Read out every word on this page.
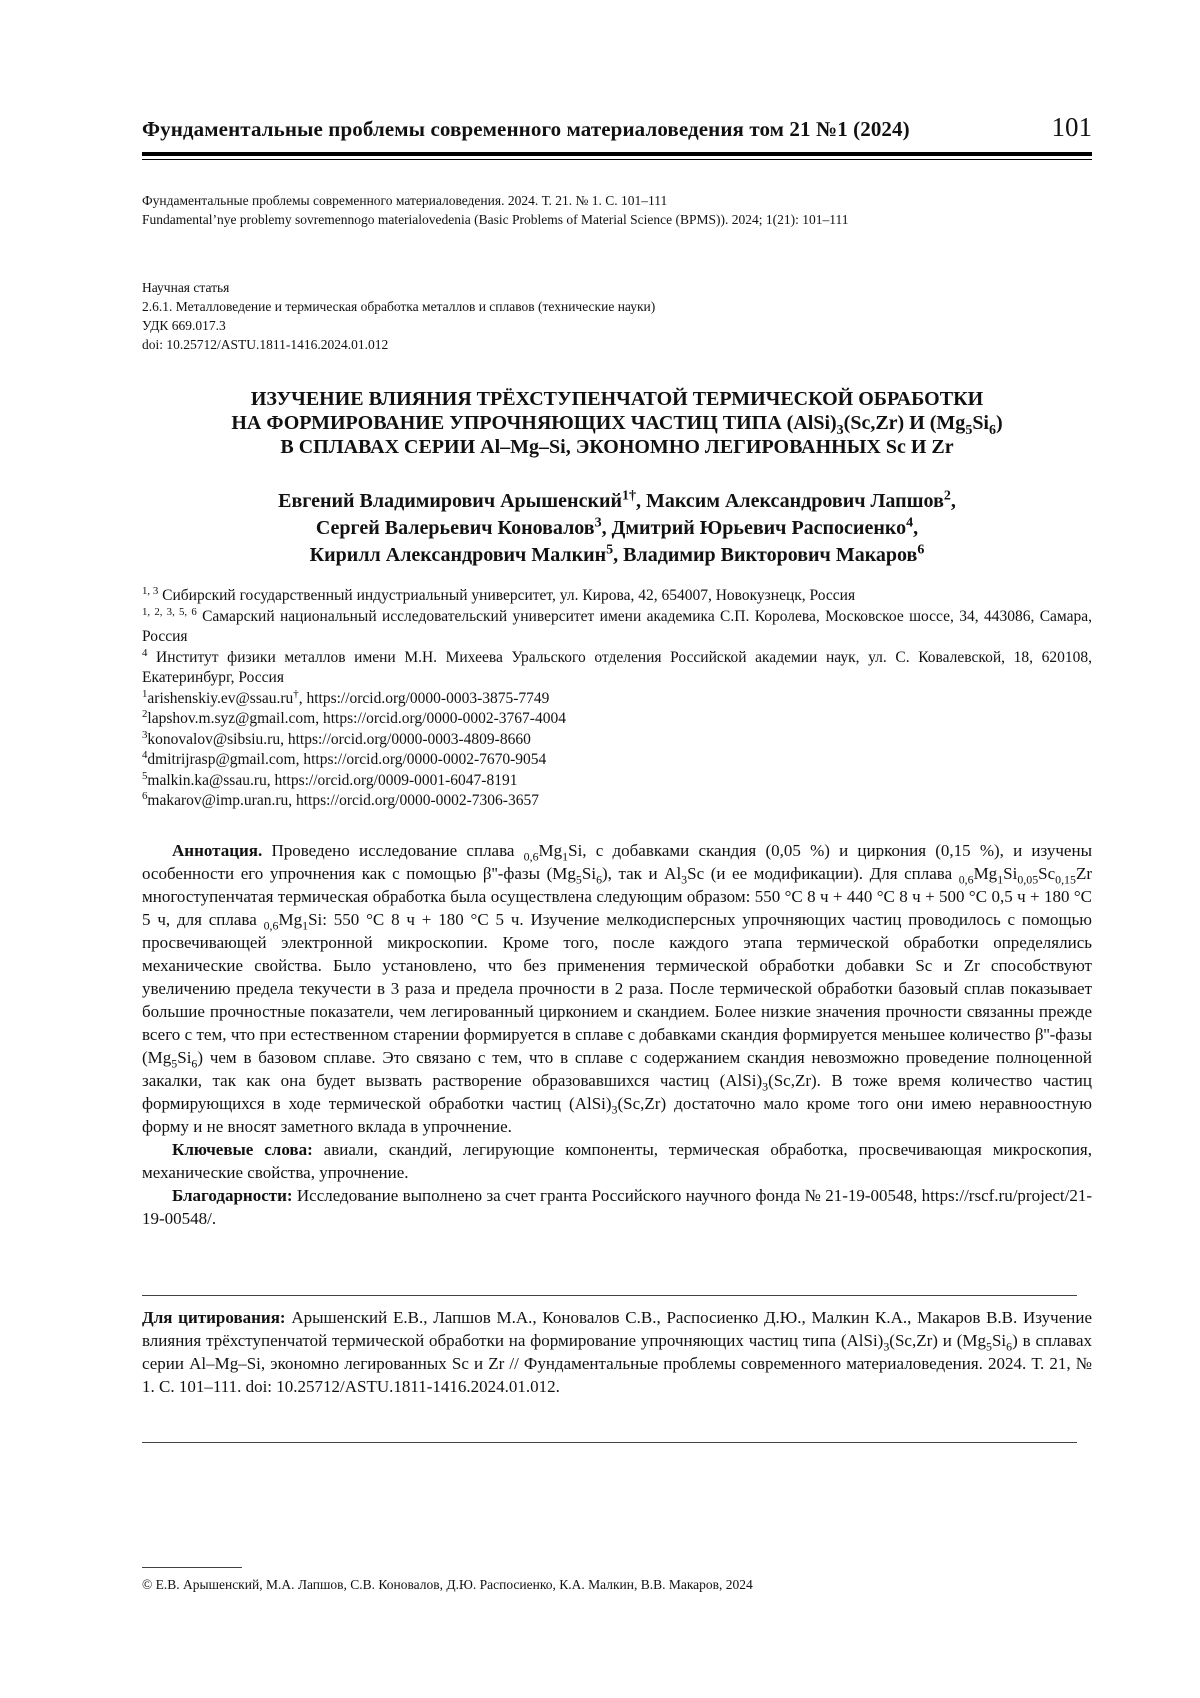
Фундаментальные проблемы современного материаловедения том 21 №1 (2024)	101
Фундаментальные проблемы современного материаловедения. 2024. Т. 21. № 1. С. 101–111
Fundamental’nye problemy sovremennogo materialovedenia (Basic Problems of Material Science (BPMS)). 2024; 1(21): 101–111
Научная статья
2.6.1. Металловедение и термическая обработка металлов и сплавов (технические науки)
УДК 669.017.3
doi: 10.25712/ASTU.1811-1416.2024.01.012
ИЗУЧЕНИЕ ВЛИЯНИЯ ТРЁХСТУПЕНЧАТОЙ ТЕРМИЧЕСКОЙ ОБРАБОТКИ
НА ФОРМИРОВАНИЕ УПРОЧНЯЮЩИХ ЧАСТИЦ ТИПА $(AlSi)_3(Sc,Zr)$ И $(Mg_5Si_6)$
В СПЛАВАХ СЕРИИ Al–Mg–Si, ЭКОНОМНО ЛЕГИРОВАННЫХ Sc И Zr
Евгений Владимирович Арышенский$^{1\dagger}$, Максим Александрович Лапшов$^2$,
Сергей Валерьевич Коновалов$^3$, Дмитрий Юрьевич Распосиенко$^4$,
Кирилл Александрович Малкин$^5$, Владимир Викторович Макаров$^6$
$^{1, 3}$ Сибирский государственный индустриальный университет, ул. Кирова, 42, 654007, Новокузнецк, Россия
$^{1, 2, 3, 5, 6}$ Самарский национальный исследовательский университет имени академика С.П. Королева, Московское шоссе, 34, 443086, Самара, Россия
$^4$ Институт физики металлов имени М.Н. Михеева Уральского отделения Российской академии наук, ул. С. Ковалевской, 18, 620108, Екатеринбург, Россия
$^1$arishenskiy.ev@ssau.ru†, https://orcid.org/0000-0003-3875-7749
$^2$lapshov.m.syz@gmail.com, https://orcid.org/0000-0002-3767-4004
$^3$konovalov@sibsiu.ru, https://orcid.org/0000-0003-4809-8660
$^4$dmitrijrasp@gmail.com, https://orcid.org/0000-0002-7670-9054
$^5$malkin.ka@ssau.ru, https://orcid.org/0009-0001-6047-8191
$^6$makarov@imp.uran.ru, https://orcid.org/0000-0002-7306-3657

Аннотация. Проведено исследование сплава $_{0,6}Mg_1Si$, с добавками скандия (0,05 %) и циркония (0,15 %), и изучены особенности его упрочнения как с помощью β''-фазы $(Mg_5Si_6)$, так и $Al_3Sc$ (и ее модификации). Для сплава $_{0,6}Mg_1Si_{0,05}Sc_{0,15}Zr$ многоступенчатая термическая обработка была осуществлена следующим образом: 550 °C 8 ч + 440 °C 8 ч + 500 °C 0,5 ч + 180 °C 5 ч, для сплава $_{0,6}Mg_1Si$: 550 °C 8 ч + 180 °C 5 ч. Изучение мелкодисперсных упрочняющих частиц проводилось с помощью просвечивающей электронной микроскопии. Кроме того, после каждого этапа термической обработки определялись механические свойства. Было установлено, что без применения термической обработки добавки Sc и Zr способствуют увеличению предела текучести в 3 раза и предела прочности в 2 раза. После термической обработки базовый сплав показывает большие прочностные показатели, чем легированный цирконием и скандием. Более низкие значения прочности связанны прежде всего с тем, что при естественном старении формируется в сплаве с добавками скандия формируется меньшее количество β''-фазы $(Mg_5Si_6)$ чем в базовом сплаве. Это связано с тем, что в сплаве с содержанием скандия невозможно проведение полноценной закалки, так как она будет вызвать растворение образовавшихся частиц $(AlSi)_3(Sc,Zr)$. В тоже время количество частиц формирующихся в ходе термической обработки частиц $(AlSi)_3(Sc,Zr)$ достаточно мало кроме того они имею неравноостную форму и не вносят заметного вклада в упрочнение.

Ключевые слова: авиали, скандий, легирующие компоненты, термическая обработка, просвечивающая микроскопия, механические свойства, упрочнение.

Благодарности: Исследование выполнено за счет гранта Российского научного фонда № 21-19-00548, https://rscf.ru/project/21-19-00548/.

Для цитирования: Арышенский Е.В., Лапшов М.А., Коновалов С.В., Распосиенко Д.Ю., Малкин К.А., Макаров В.В. Изучение влияния трёхступенчатой термической обработки на формирование упрочняющих частиц типа $(AlSi)_3(Sc,Zr)$ и $(Mg_5Si_6)$ в сплавах серии Al–Mg–Si, экономно легированных Sc и Zr // Фундаментальные проблемы современного материаловедения. 2024. Т. 21, № 1. С. 101–111. doi: 10.25712/ASTU.1811-1416.2024.01.012.

© Е.В. Арышенский, М.А. Лапшов, С.В. Коновалов, Д.Ю. Распосиенко, К.А. Малкин, В.В. Макаров, 2024
